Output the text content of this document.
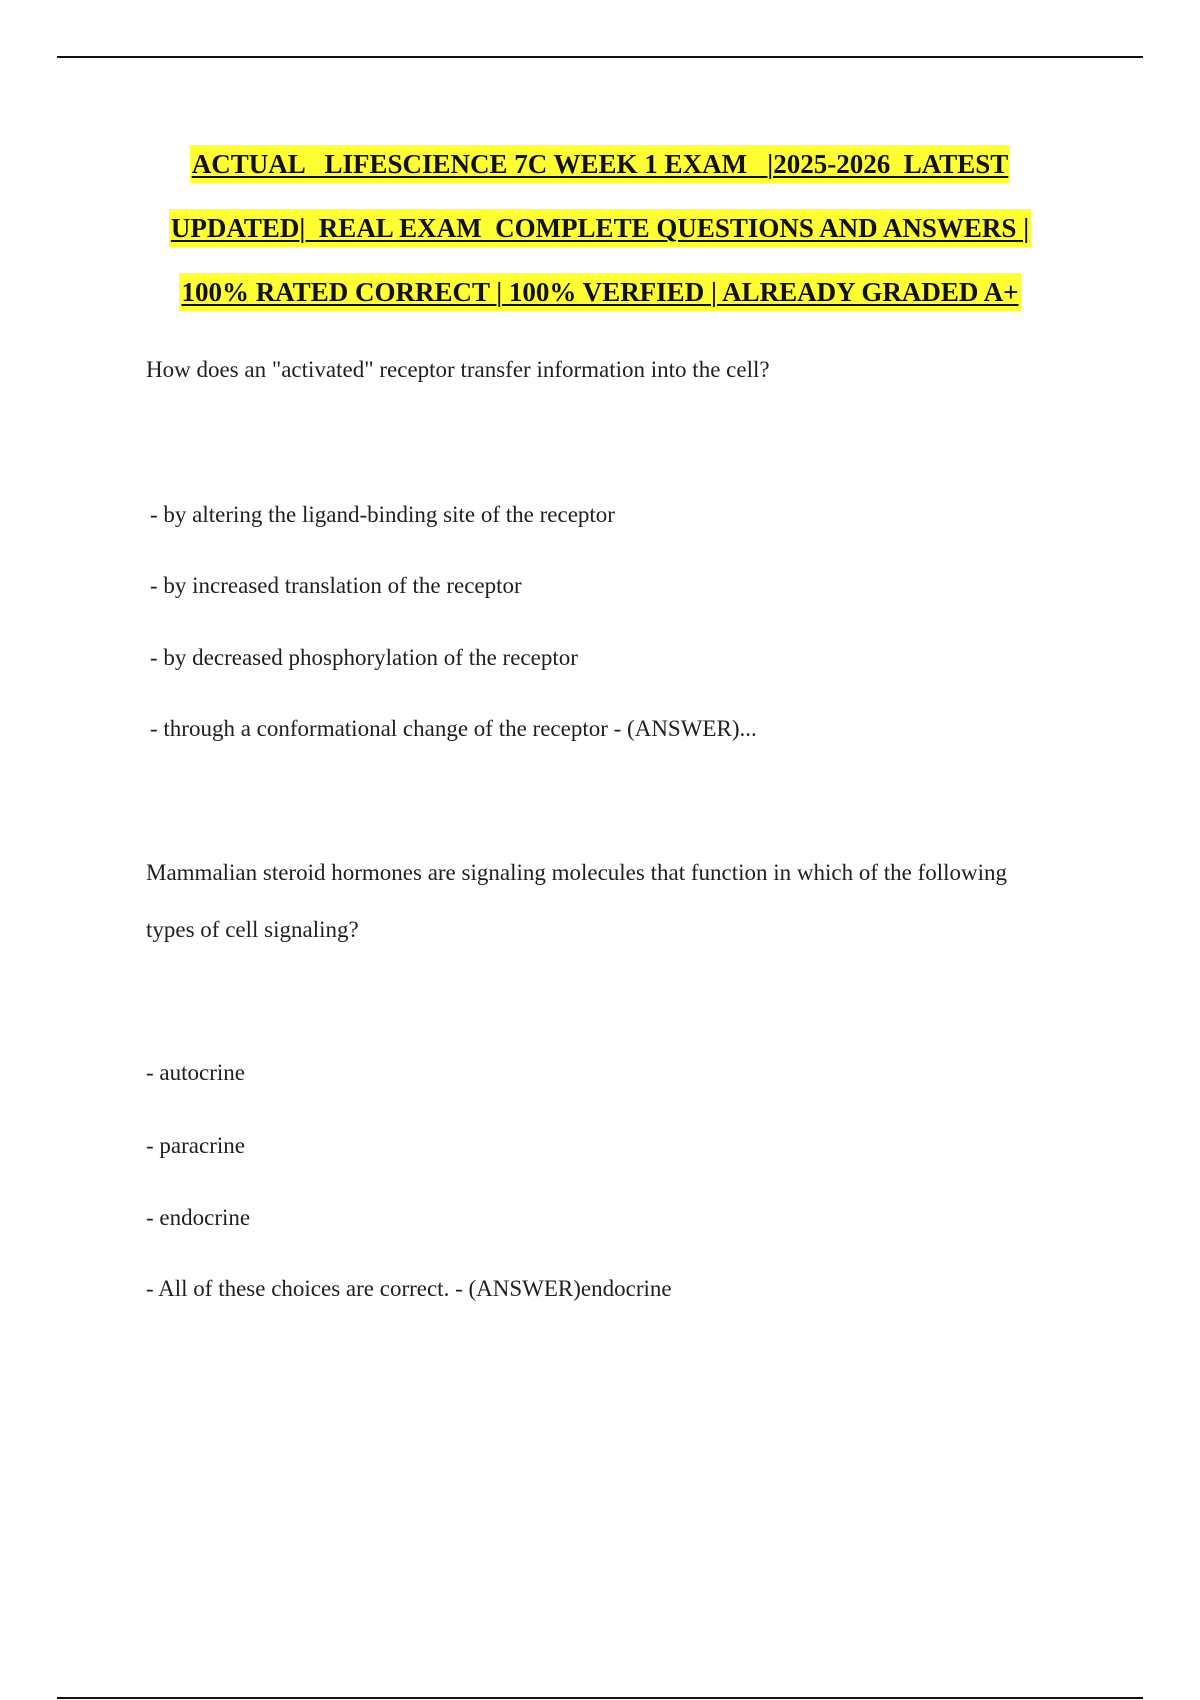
ACTUAL   LIFESCIENCE 7C WEEK 1 EXAM   |2025-2026  LATEST
UPDATED|  REAL EXAM  COMPLETE QUESTIONS AND ANSWERS |
100% RATED CORRECT | 100% VERFIED | ALREADY GRADED A+
How does an "activated" receptor transfer information into the cell?
- by altering the ligand-binding site of the receptor
- by increased translation of the receptor
- by decreased phosphorylation of the receptor
- through a conformational change of the receptor - (ANSWER)...
Mammalian steroid hormones are signaling molecules that function in which of the following
types of cell signaling?
- autocrine
- paracrine
- endocrine
- All of these choices are correct. - (ANSWER)endocrine
